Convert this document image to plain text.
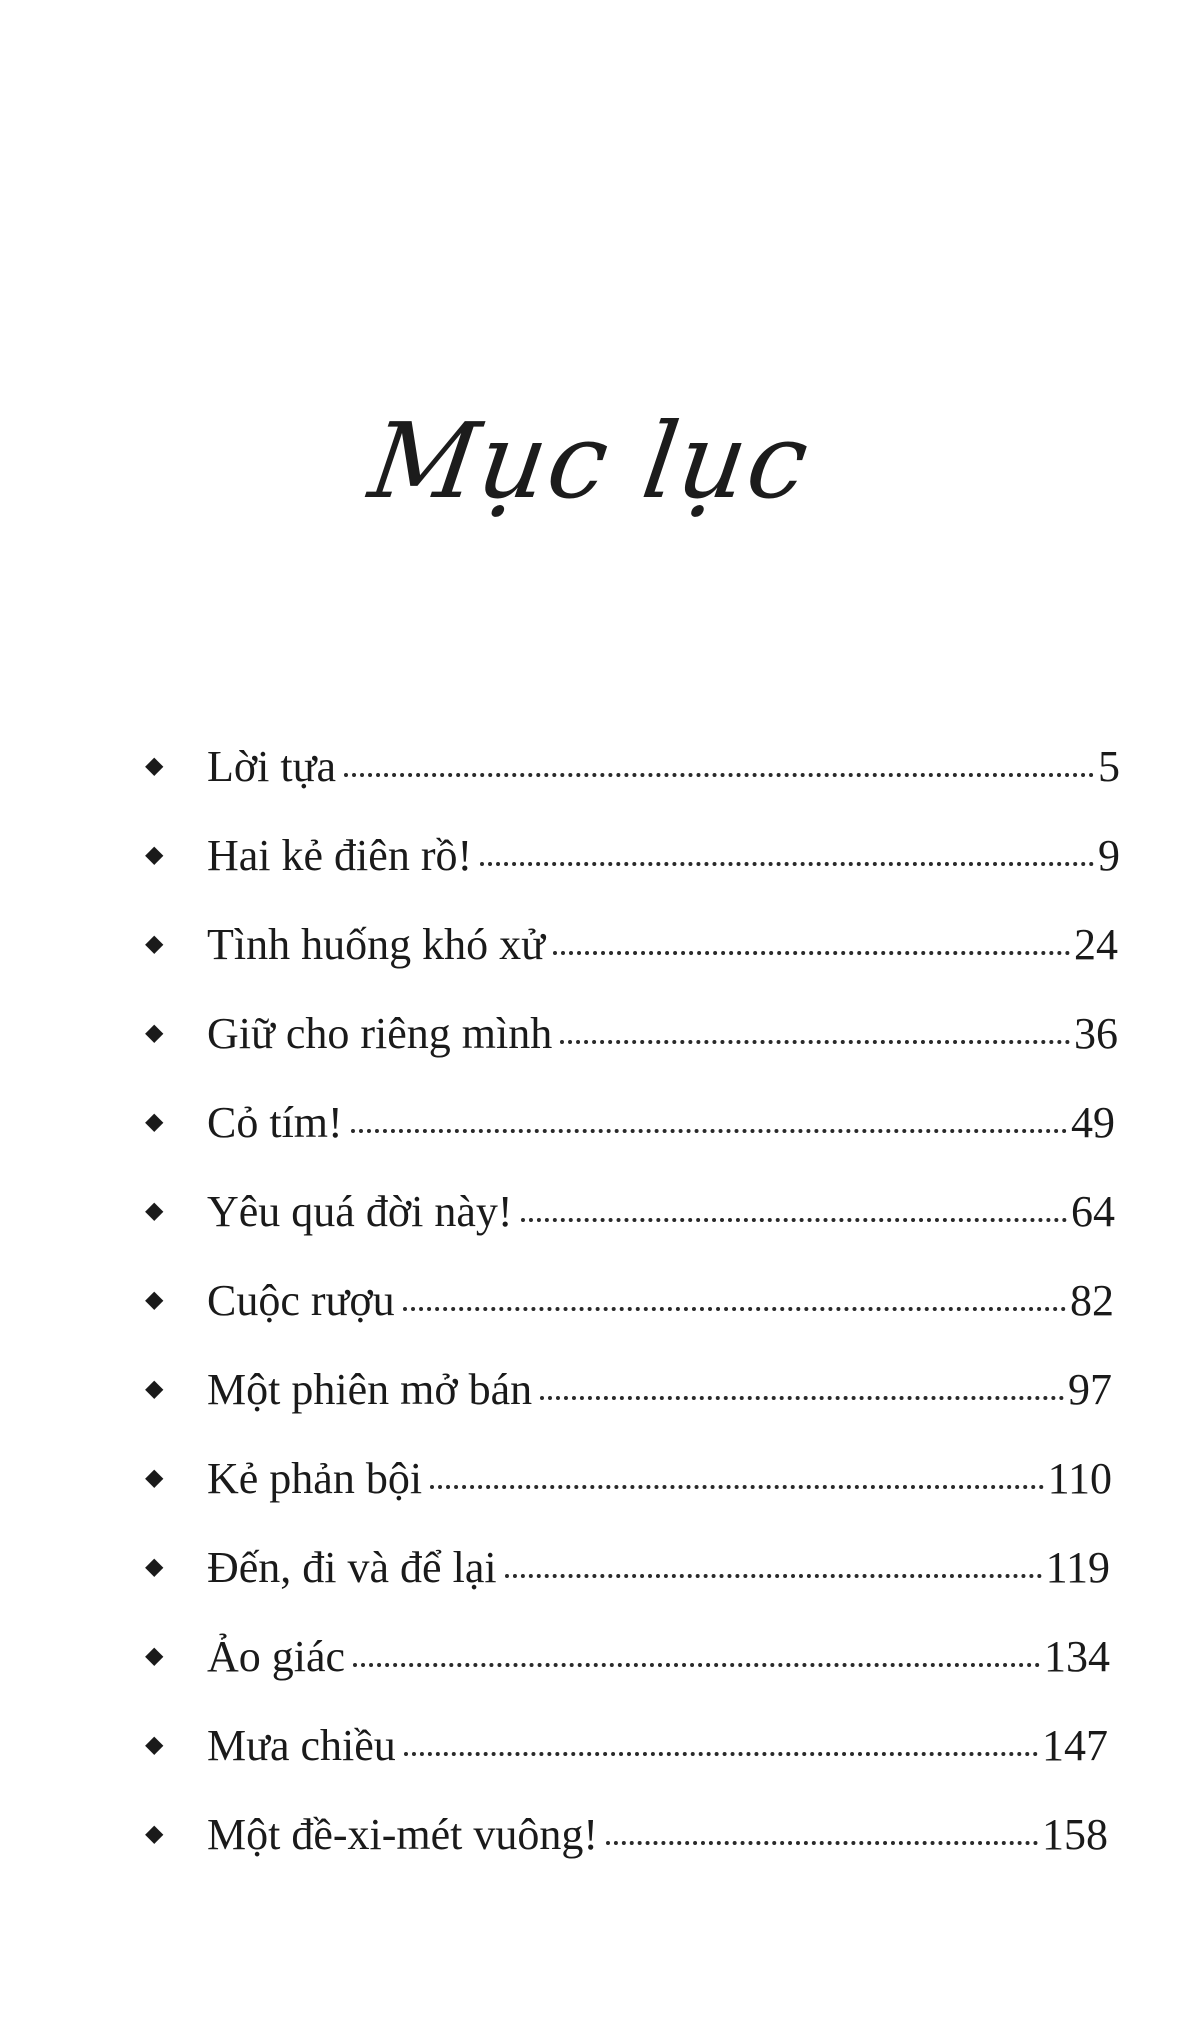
Mục lục
◆ Lời tựa	5
◆ Hai kẻ điên rồ!	9
◆ Tình huống khó xử	24
◆ Giữ cho riêng mình	36
◆ Cỏ tím!	49
◆ Yêu quá đời này!	64
◆ Cuộc rượu	82
◆ Một phiên mở bán	97
◆ Kẻ phản bội	110
◆ Đến, đi và để lại	119
◆ Ảo giác	134
◆ Mưa chiều	147
◆ Một đề-xi-mét vuông!	158
